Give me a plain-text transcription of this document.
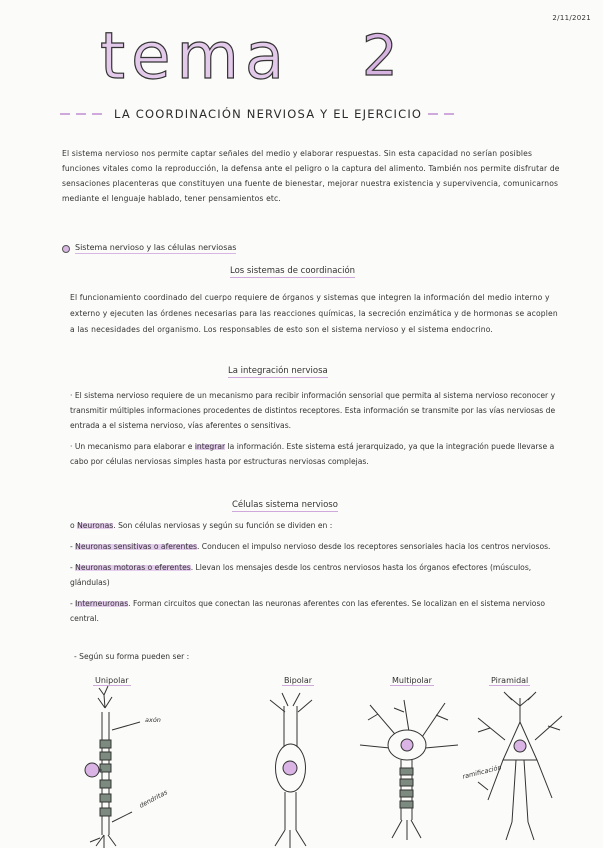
2/11/2021
tema 2
LA COORDINACIÓN NERVIOSA Y EL EJERCICIO
El sistema nervioso nos permite captar señales del medio y elaborar respuestas. Sin esta capacidad no serían posibles funciones vitales como la reproducción, la defensa ante el peligro o la captura del alimento. También nos permite disfrutar de sensaciones placenteras que constituyen una fuente de bienestar, mejorar nuestra existencia y supervivencia, comunicarnos mediante el lenguaje hablado, tener pensamientos etc.
Sistema nervioso y las células nerviosas
Los sistemas de coordinación
El funcionamiento coordinado del cuerpo requiere de órganos y sistemas que integren la información del medio interno y externo y ejecuten las órdenes necesarias para las reacciones químicas, la secreción enzimática y de hormonas se acoplen a las necesidades del organismo. Los responsables de esto son el sistema nervioso y el sistema endocrino.
La integración nerviosa
· El sistema nervioso requiere de un mecanismo para recibir información sensorial que permita al sistema nervioso reconocer y transmitir múltiples informaciones procedentes de distintos receptores. Esta información se transmite por las vías nerviosas de entrada a el sistema nervioso, vías aferentes o sensitivas.
· Un mecanismo para elaborar e integrar la información. Este sistema está jerarquizado, ya que la integración puede llevarse a cabo por células nerviosas simples hasta por estructuras nerviosas complejas.
Células sistema nervioso
o Neuronas. Son células nerviosas y según su función se dividen en :
- Neuronas sensitivas o aferentes. Conducen el impulso nervioso desde los receptores sensoriales hacia los centros nerviosos.
- Neuronas motoras o eferentes. Llevan los mensajes desde los centros nerviosos hasta los órganos efectores (músculos, glándulas)
- Interneuronas. Forman circuitos que conectan las neuronas aferentes con las eferentes. Se localizan en el sistema nervioso central.
- Según su forma pueden ser :
Unipolar	Bipolar	Multipolar	Piramidal
axón
dendritas
ramificación
